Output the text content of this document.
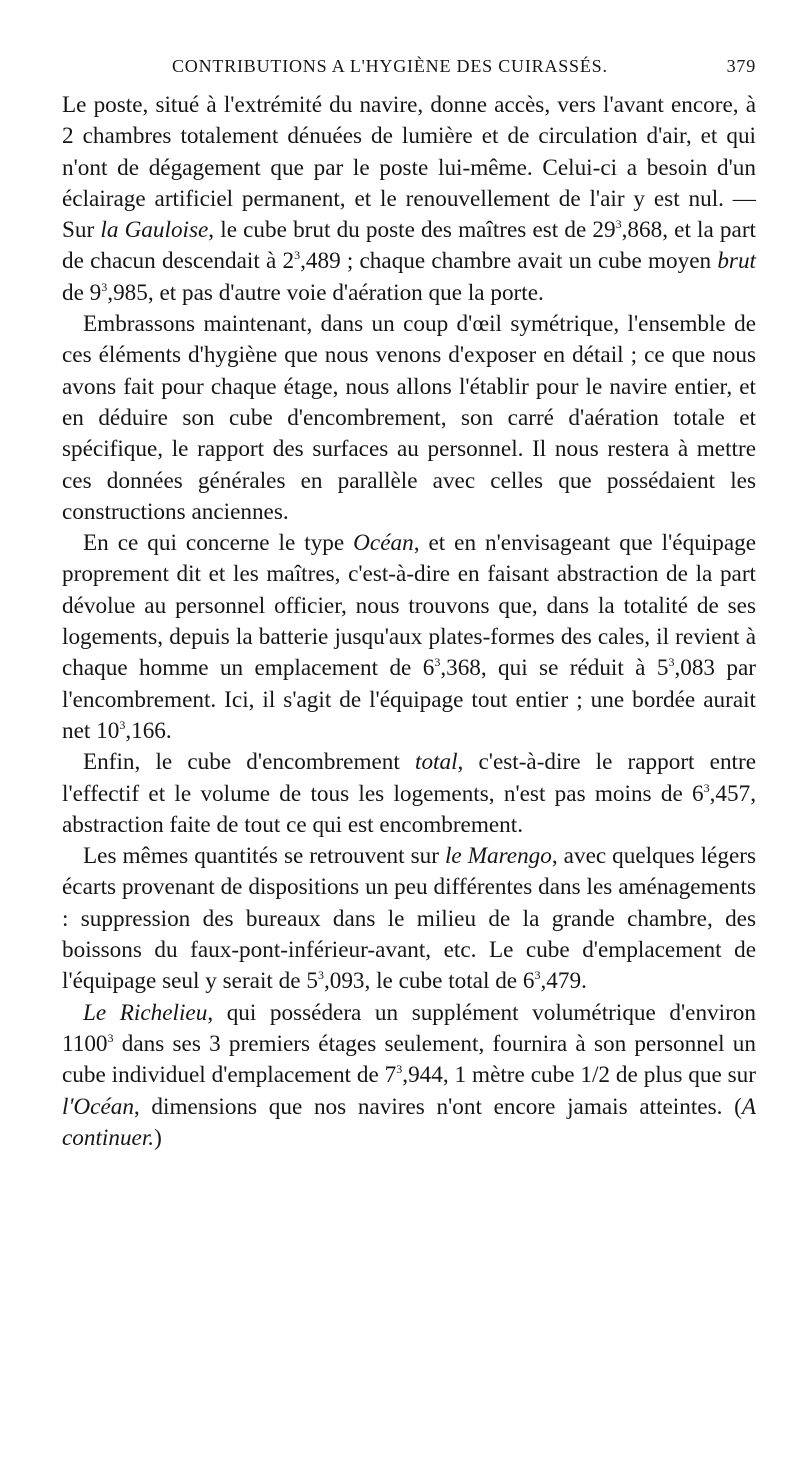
CONTRIBUTIONS A L'HYGIÈNE DES CUIRASSÉS.	379

Le poste, situé à l'extrémité du navire, donne accès, vers l'avant encore, à 2 chambres totalement dénuées de lumière et de circulation d'air, et qui n'ont de dégagement que par le poste lui-même. Celui-ci a besoin d'un éclairage artificiel permanent, et le renouvellement de l'air y est nul. — Sur la Gauloise, le cube brut du poste des maîtres est de $29^3,868$, et la part de chacun descendait à $2^3,489$ ; chaque chambre avait un cube moyen brut de $9^3,985$, et pas d'autre voie d'aération que la porte.

Embrassons maintenant, dans un coup d'œil symétrique, l'ensemble de ces éléments d'hygiène que nous venons d'exposer en détail ; ce que nous avons fait pour chaque étage, nous allons l'établir pour le navire entier, et en déduire son cube d'encombrement, son carré d'aération totale et spécifique, le rapport des surfaces au personnel. Il nous restera à mettre ces données générales en parallèle avec celles que possédaient les constructions anciennes.

En ce qui concerne le type Océan, et en n'envisageant que l'équipage proprement dit et les maîtres, c'est-à-dire en faisant abstraction de la part dévolue au personnel officier, nous trouvons que, dans la totalité de ses logements, depuis la batterie jusqu'aux plates-formes des cales, il revient à chaque homme un emplacement de $6^3,368$, qui se réduit à $5^3,083$ par l'encombrement. Ici, il s'agit de l'équipage tout entier ; une bordée aurait net $10^3,166$.

Enfin, le cube d'encombrement total, c'est-à-dire le rapport entre l'effectif et le volume de tous les logements, n'est pas moins de $6^3,457$, abstraction faite de tout ce qui est encombrement.

Les mêmes quantités se retrouvent sur le Marengo, avec quelques légers écarts provenant de dispositions un peu différentes dans les aménagements : suppression des bureaux dans le milieu de la grande chambre, des boissons du faux-pont-inférieur-avant, etc. Le cube d'emplacement de l'équipage seul y serait de $5^3,093$, le cube total de $6^3,479$.

Le Richelieu, qui possédera un supplément volumétrique d'environ 1100$^3$ dans ses 3 premiers étages seulement, fournira à son personnel un cube individuel d'emplacement de $7^3,944$, 1 mètre cube 1/2 de plus que sur l'Océan, dimensions que nos navires n'ont encore jamais atteintes. (A continuer.)
